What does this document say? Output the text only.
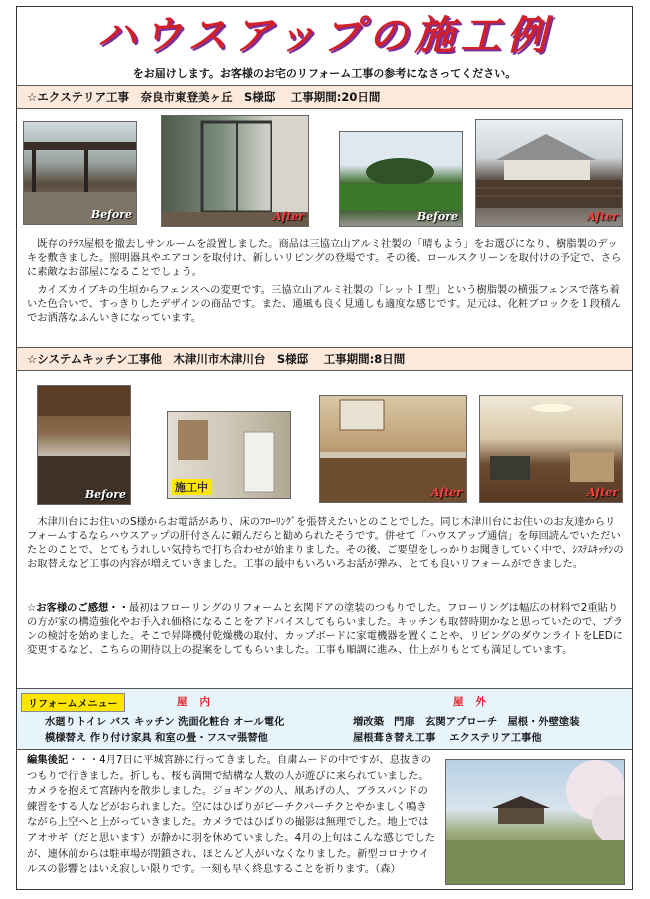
ハウスアップの施工例
をお届けします。お客様のお宅のリフォーム工事の参考になさってください。
☆エクステリア工事　奈良市東登美ヶ丘　S様邸　 工事期間:20日間
Before	After	Before	After

既存のﾃﾗｽ屋根を撤去しサンルームを設置しました。商品は三協立山アルミ社製の「晴もよう」をお選びになり、樹脂製のデッキを敷きました。照明器具やエアコンを取付け、新しいリビングの登場です。その後、ロールスクリーンを取付けの予定で、さらに素敵なお部屋になることでしょう。

カイズカイブキの生垣からフェンスへの変更です。三協立山アルミ社製の「レットＩ型」という樹脂製の横張フェンスで落ち着いた色合いで、すっきりしたデザインの商品です。また、通風も良く見通しも適度な感じです。足元は、化粧ブロックを１段積んでお洒落なふんいきになっています。

☆システムキッチン工事他　木津川市木津川台　S様邸　 工事期間:8日間
Before
施工中	After	After

木津川台にお住いのS様からお電話があり、床のﾌﾛｰﾘﾝｸﾞを張替えたいとのことでした。同じ木津川台にお住いのお友達からリフォームするならハウスアップの肝付さんに頼んだらと勧められたそうです。併せて「ハウスアップ通信」を毎回読んでいただいたとのことで、とてもうれしい気持ちで打ち合わせが始まりました。その後、ご要望をしっかりお聞きしていく中で、ｼｽﾃﾑｷｯﾁﾝのお取替えなど工事の内容が増えていきました。工事の最中もいろいろお話が弾み、とても良いリフォームができました。

☆お客様のご感想・・最初はフローリングのリフォームと玄関ドアの塗装のつもりでした。フローリングは幅広の材料で2重貼りの方が家の構造強化やお手入れ価格になることをアドバイスしてもらいました。キッチンも取替時期かなと思っていたので、プランの検討を始めました。そこで昇降機付乾燥機の取付、カップボードに家電機器を置くことや、リビングのダウンライトをLEDに変更するなど、こちらの期待以上の提案をしてもらいました。工事も順調に進み、仕上がりもとても満足しています。

リフォームメニュー	屋内	屋外
水廻りトイレ バス キッチン 洗面化粧台 オール電化
模様替え 作り付け家具 和室の畳・フスマ張替他
増改築　門扉　玄関アプローチ　屋根・外壁塗装
屋根葺き替え工事　 エクステリア工事他

編集後記・・・4月7日に平城宮跡に行ってきました。自粛ムードの中ですが、息抜きのつもりで行きました。折しも、桜も満開で結構な人数の人が遊びに来られていました。カメラを抱えて宮跡内を散歩しました。ジョギングの人、凧あげの人、ブラスバンドの練習をする人などがおられました。空にはひばりがピーチクパーチクとやかましく鳴きながら上空へと上がっていきました。カメラではひばりの撮影は無理でした。地上ではアオサギ（だと思います）が静かに羽を休めていました。4月の上旬はこんな感じでしたが、連休前からは駐車場が閉鎖され、ほとんど人がいなくなりました。新型コロナウイルスの影響とはいえ寂しい限りです。一刻も早く終息することを祈ります。（森）
